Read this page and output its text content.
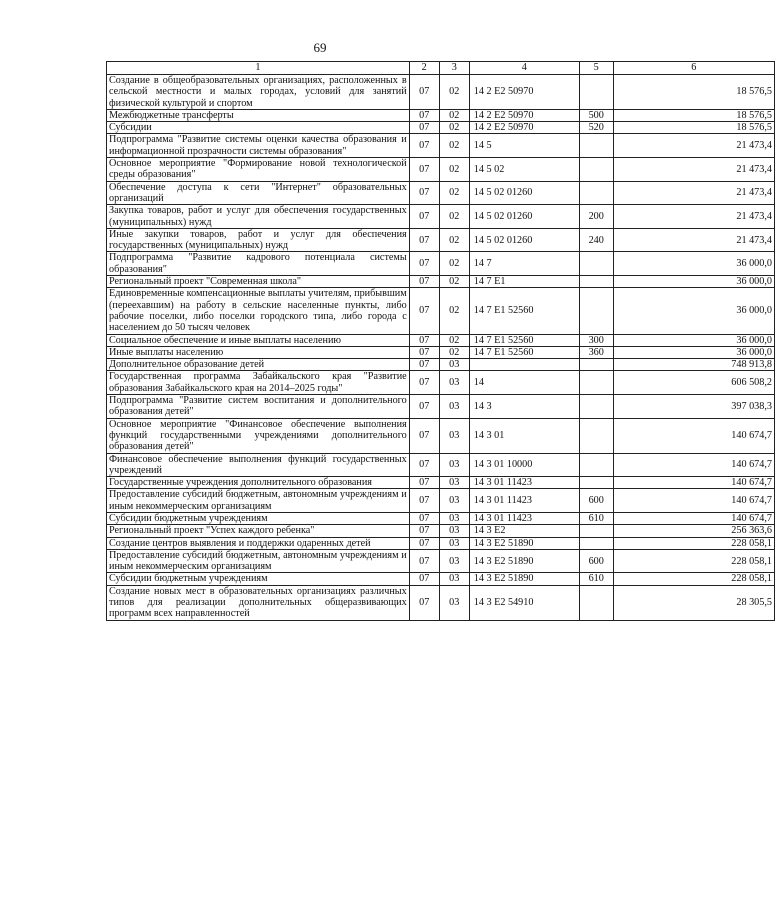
69
1	2	3	4	5	6
Создание в общеобразовательных организациях, расположенных в сельской местности и малых городах, условий для занятий физической культурой и спортом	07	02	14 2 E2 50970		18 576,5
Межбюджетные трансферты	07	02	14 2 E2 50970	500	18 576,5
Субсидии	07	02	14 2 E2 50970	520	18 576,5
Подпрограмма "Развитие системы оценки качества образования и информационной прозрачности системы образования"	07	02	14 5		21 473,4
Основное мероприятие "Формирование новой технологической среды образования"	07	02	14 5 02		21 473,4
Обеспечение доступа к сети "Интернет" образовательных организаций	07	02	14 5 02 01260		21 473,4
Закупка товаров, работ и услуг для обеспечения государственных (муниципальных) нужд	07	02	14 5 02 01260	200	21 473,4
Иные закупки товаров, работ и услуг для обеспечения государственных (муниципальных) нужд	07	02	14 5 02 01260	240	21 473,4
Подпрограмма "Развитие кадрового потенциала системы образования"	07	02	14 7		36 000,0
Региональный проект "Современная школа"	07	02	14 7 E1		36 000,0
Единовременные компенсационные выплаты учителям, прибывшим (переехавшим) на работу в сельские населенные пункты, либо рабочие поселки, либо поселки городского типа, либо города с населением до 50 тысяч человек	07	02	14 7 E1 52560		36 000,0
Социальное обеспечение и иные выплаты населению	07	02	14 7 E1 52560	300	36 000,0
Иные выплаты населению	07	02	14 7 E1 52560	360	36 000,0
Дополнительное образование детей	07	03			748 913,8
Государственная программа Забайкальского края "Развитие образования Забайкальского края на 2014–2025 годы"	07	03	14		606 508,2
Подпрограмма "Развитие систем воспитания и дополнительного образования детей"	07	03	14 3		397 038,3
Основное мероприятие "Финансовое обеспечение выполнения функций государственными учреждениями дополнительного образования детей"	07	03	14 3 01		140 674,7
Финансовое обеспечение выполнения функций государственных учреждений	07	03	14 3 01 10000		140 674,7
Государственные учреждения дополнительного образования	07	03	14 3 01 11423		140 674,7
Предоставление субсидий бюджетным, автономным учреждениям и иным некоммерческим организациям	07	03	14 3 01 11423	600	140 674,7
Субсидии бюджетным учреждениям	07	03	14 3 01 11423	610	140 674,7
Региональный проект "Успех каждого ребенка"	07	03	14 3 E2		256 363,6
Создание центров выявления и поддержки одаренных детей	07	03	14 3 E2 51890		228 058,1
Предоставление субсидий бюджетным, автономным учреждениям и иным некоммерческим организациям	07	03	14 3 E2 51890	600	228 058,1
Субсидии бюджетным учреждениям	07	03	14 3 E2 51890	610	228 058,1
Создание новых мест в образовательных организациях различных типов для реализации дополнительных общеразвивающих программ всех направленностей	07	03	14 3 E2 54910		28 305,5
